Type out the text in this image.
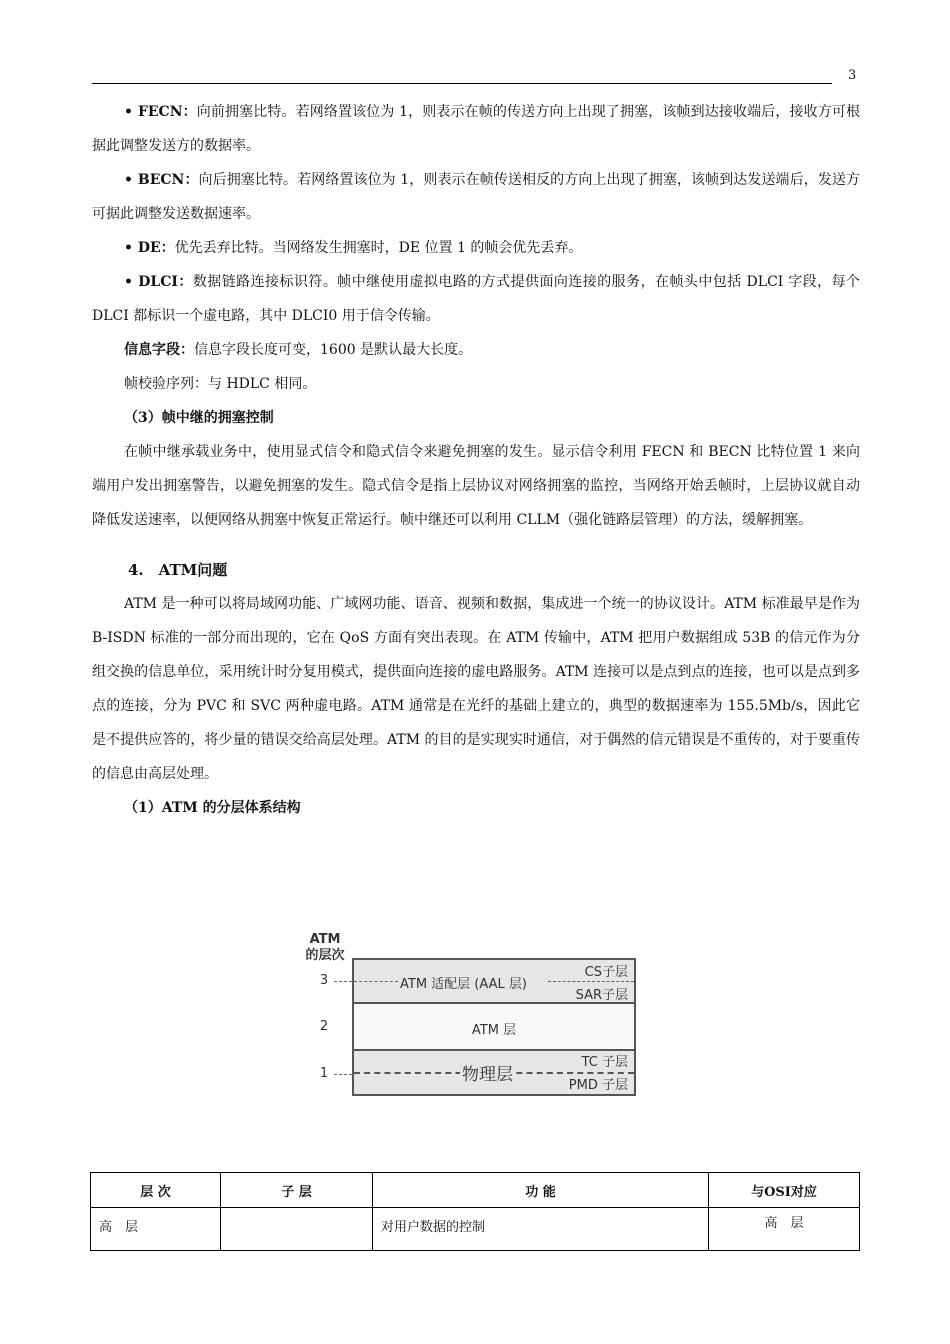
3

• FECN：向前拥塞比特。若网络置该位为 1，则表示在帧的传送方向上出现了拥塞，该帧到达接收端后，接收方可根据此调整发送方的数据率。

• BECN：向后拥塞比特。若网络置该位为 1，则表示在帧传送相反的方向上出现了拥塞，该帧到达发送端后，发送方可据此调整发送数据速率。

• DE：优先丢弃比特。当网络发生拥塞时，DE 位置 1 的帧会优先丢弃。

• DLCI：数据链路连接标识符。帧中继使用虚拟电路的方式提供面向连接的服务，在帧头中包括 DLCI 字段，每个 DLCI 都标识一个虚电路，其中 DLCI0 用于信令传输。

信息字段：信息字段长度可变，1600 是默认最大长度。

帧校验序列：与 HDLC 相同。

（3）帧中继的拥塞控制

在帧中继承载业务中，使用显式信令和隐式信令来避免拥塞的发生。显示信令利用 FECN 和 BECN 比特位置 1 来向端用户发出拥塞警告，以避免拥塞的发生。隐式信令是指上层协议对网络拥塞的监控，当网络开始丢帧时，上层协议就自动降低发送速率，以便网络从拥塞中恢复正常运行。帧中继还可以利用 CLLM（强化链路层管理）的方法，缓解拥塞。

4.　ATM问题

ATM 是一种可以将局域网功能、广域网功能、语音、视频和数据，集成进一个统一的协议设计。ATM 标准最早是作为 B-ISDN 标准的一部分而出现的，它在 QoS 方面有突出表现。在 ATM 传输中，ATM 把用户数据组成 53B 的信元作为分组交换的信息单位，采用统计时分复用模式，提供面向连接的虚电路服务。ATM 连接可以是点到点的连接，也可以是点到多点的连接，分为 PVC 和 SVC 两种虚电路。ATM 通常是在光纤的基础上建立的，典型的数据速率为 155.5Mb/s，因此它是不提供应答的，将少量的错误交给高层处理。ATM 的目的是实现实时通信，对于偶然的信元错误是不重传的，对于要重传的信息由高层处理。

（1）ATM 的分层体系结构

ATM
的层次
3
2
1
ATM 适配层 (AAL 层)
CS子层
SAR子层
ATM 层
物理层
TC 子层
PMD 子层
层 次	子 层	功 能	与OSI对应
高　层		对用户数据的控制	高　层
